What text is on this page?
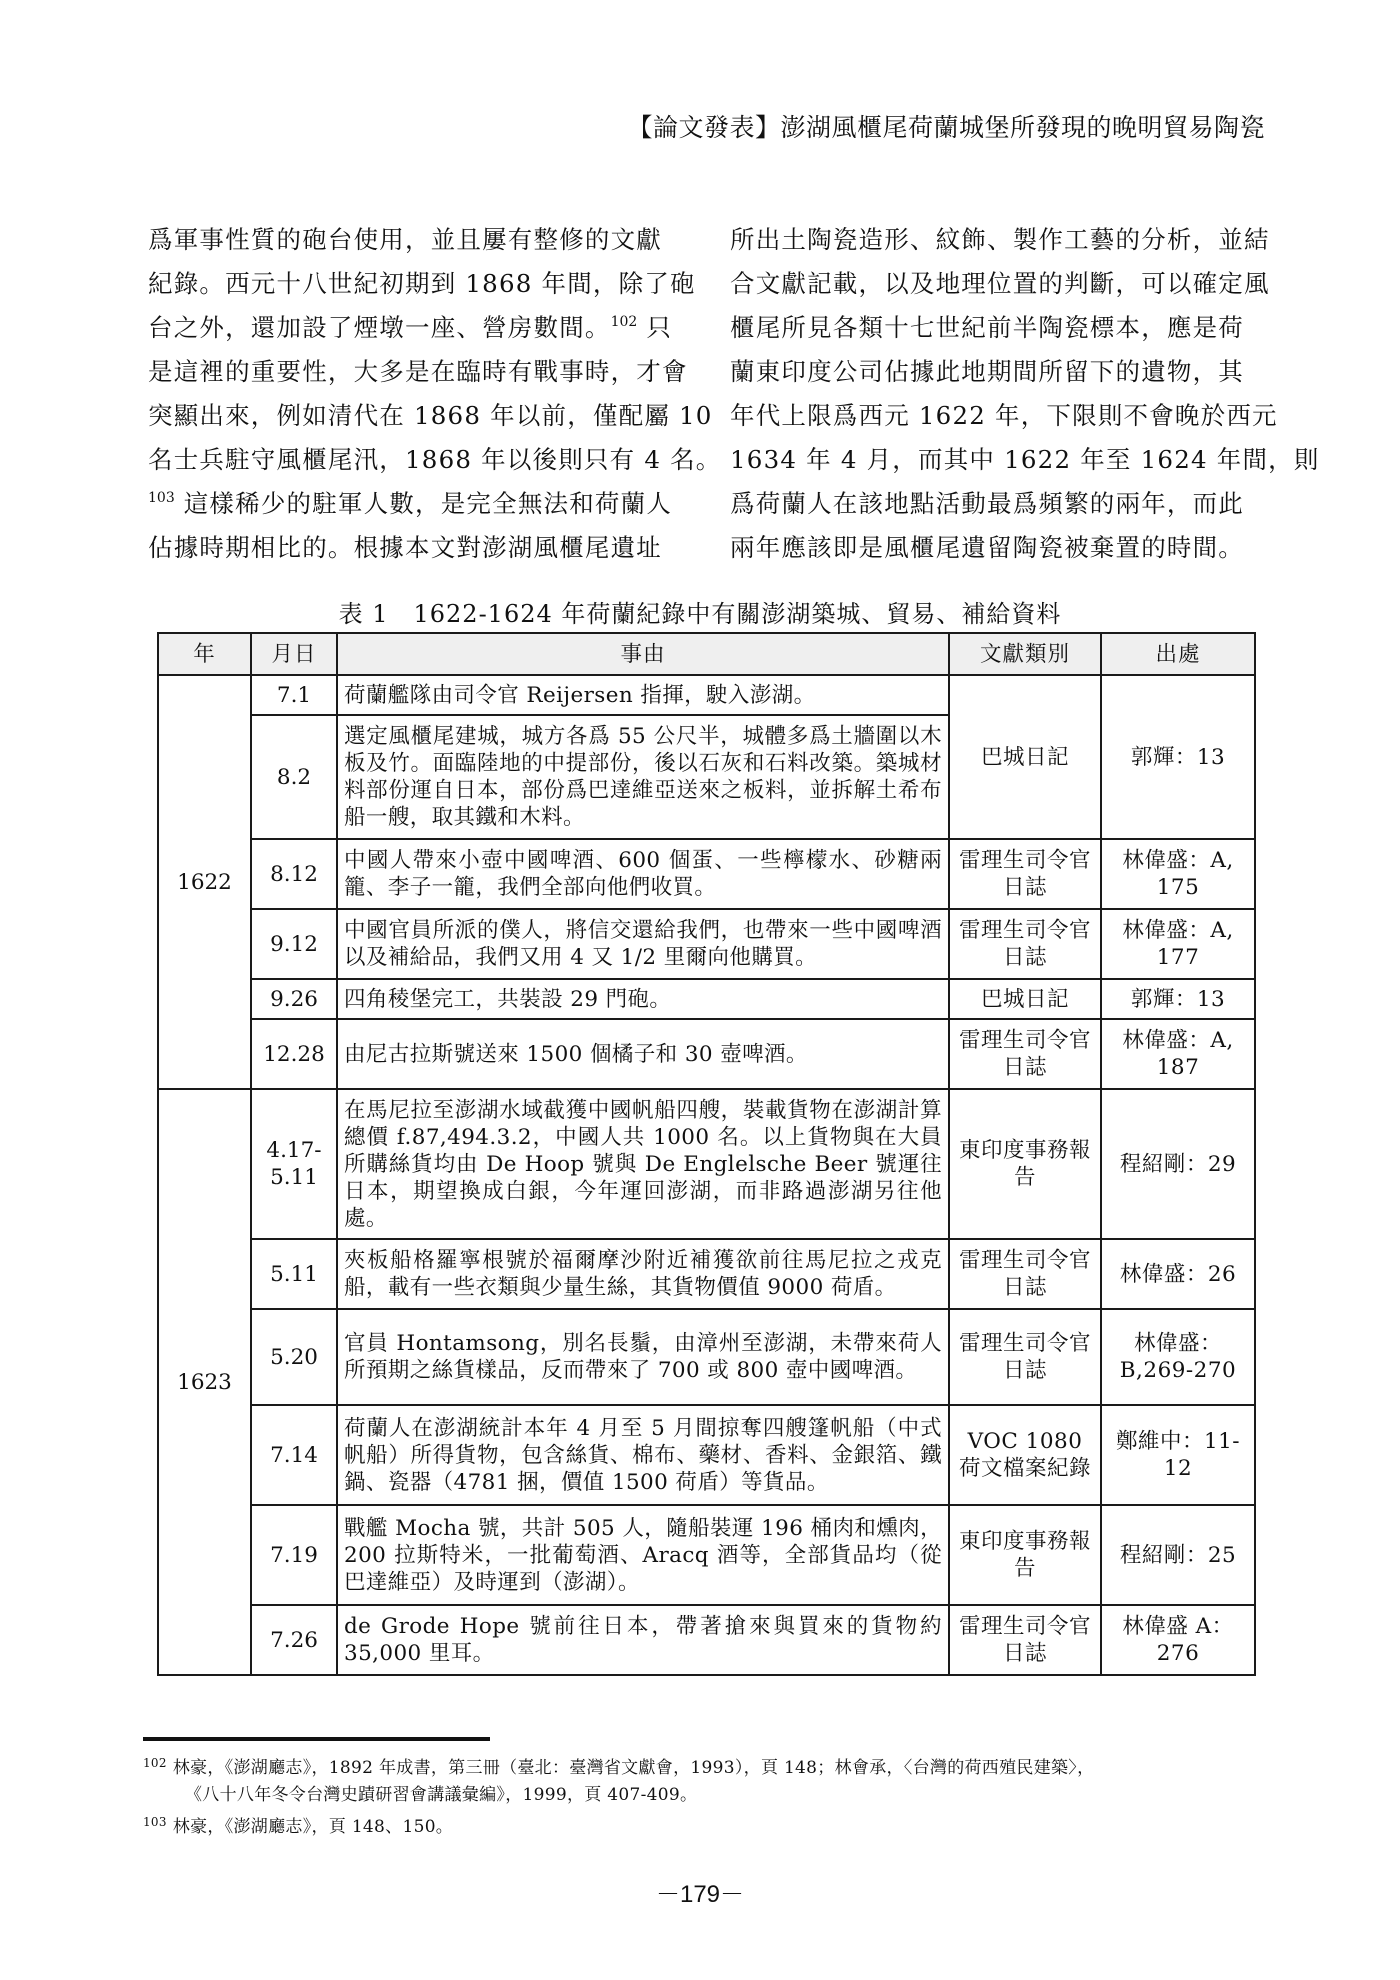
【論文發表】澎湖風櫃尾荷蘭城堡所發現的晚明貿易陶瓷
爲軍事性質的砲台使用，並且屢有整修的文獻
紀錄。西元十八世紀初期到 1868 年間，除了砲
台之外，還加設了煙墩一座、營房數間。$^{102}$ 只
是這裡的重要性，大多是在臨時有戰事時，才會
突顯出來，例如清代在 1868 年以前，僅配屬 10
名士兵駐守風櫃尾汛，1868 年以後則只有 4 名。
$^{103}$ 這樣稀少的駐軍人數，是完全無法和荷蘭人
佔據時期相比的。根據本文對澎湖風櫃尾遺址
所出土陶瓷造形、紋飾、製作工藝的分析，並結
合文獻記載，以及地理位置的判斷，可以確定風
櫃尾所見各類十七世紀前半陶瓷標本，應是荷
蘭東印度公司佔據此地期間所留下的遺物，其
年代上限爲西元 1622 年，下限則不會晚於西元
1634 年 4 月，而其中 1622 年至 1624 年間，則
爲荷蘭人在該地點活動最爲頻繁的兩年，而此
兩年應該即是風櫃尾遺留陶瓷被棄置的時間。
表 1　1622-1624 年荷蘭紀錄中有關澎湖築城、貿易、補給資料
年	月日	事由	文獻類別	出處
1622	7.1	荷蘭艦隊由司令官 Reijersen 指揮，駛入澎湖。	巴城日記	郭輝：13
	8.2	選定風櫃尾建城，城方各爲 55 公尺半，城體多爲土牆圍以木板及竹。面臨陸地的中提部份，後以石灰和石料改築。築城材料部份運自日本，部份爲巴達維亞送來之板料，並拆解土希布船一艘，取其鐵和木料。		
	8.12	中國人帶來小壺中國啤酒、600 個蛋、一些檸檬水、砂糖兩籠、李子一籠，我們全部向他們收買。	雷理生司令官日誌	林偉盛：A, 175
	9.12	中國官員所派的僕人，將信交還給我們，也帶來一些中國啤酒以及補給品，我們又用 4 又 1/2 里爾向他購買。	雷理生司令官日誌	林偉盛：A, 177
	9.26	四角稜堡完工，共裝設 29 門砲。	巴城日記	郭輝：13
	12.28	由尼古拉斯號送來 1500 個橘子和 30 壺啤酒。	雷理生司令官日誌	林偉盛：A, 187
1623	4.17-5.11	在馬尼拉至澎湖水域截獲中國帆船四艘，裝載貨物在澎湖計算總價 f.87,494.3.2，中國人共 1000 名。以上貨物與在大員所購絲貨均由 De Hoop 號與 De Englelsche Beer 號運往日本，期望換成白銀，今年運回澎湖，而非路過澎湖另往他處。	東印度事務報告	程紹剛：29
	5.11	夾板船格羅寧根號於福爾摩沙附近補獲欲前往馬尼拉之戎克船，載有一些衣類與少量生絲，其貨物價值 9000 荷盾。	雷理生司令官日誌	林偉盛：26
	5.20	官員 Hontamsong，別名長鬚，由漳州至澎湖，未帶來荷人所預期之絲貨樣品，反而帶來了 700 或 800 壺中國啤酒。	雷理生司令官日誌	林偉盛：B,269-270
	7.14	荷蘭人在澎湖統計本年 4 月至 5 月間掠奪四艘篷帆船（中式帆船）所得貨物，包含絲貨、棉布、藥材、香料、金銀箔、鐵鍋、瓷器（4781 捆，價值 1500 荷盾）等貨品。	VOC 1080 荷文檔案紀錄	鄭維中：11-12
	7.19	戰艦 Mocha 號，共計 505 人，隨船裝運 196 桶肉和燻肉，200 拉斯特米，一批葡萄酒、Aracq 酒等，全部貨品均（從巴達維亞）及時運到（澎湖）。	東印度事務報告	程紹剛：25
	7.26	de Grode Hope 號前往日本，帶著搶來與買來的貨物約 35,000 里耳。	雷理生司令官日誌	林偉盛 A：276

$^{102}$ 林豪，《澎湖廳志》，1892 年成書，第三冊（臺北：臺灣省文獻會，1993），頁 148；林會承，〈台灣的荷西殖民建築〉，
《八十八年冬令台灣史蹟研習會講議彙編》，1999，頁 407-409。

$^{103}$ 林豪，《澎湖廳志》，頁 148、150。

－179－
